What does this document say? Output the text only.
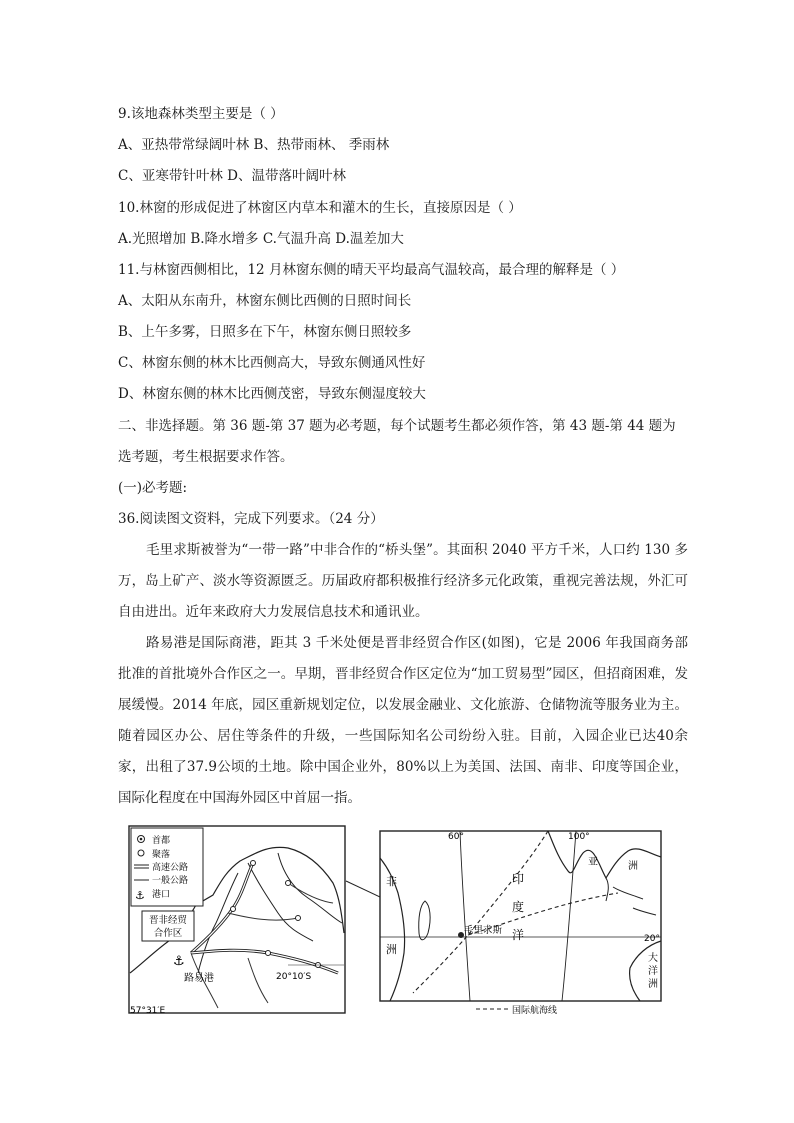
9.该地森林类型主要是（ ）
A、亚热带常绿阔叶林 B、热带雨林、 季雨林
C、亚寒带针叶林 D、温带落叶阔叶林
10.林窗的形成促进了林窗区内草本和灌木的生长，直接原因是（ ）
A.光照增加 B.降水增多 C.气温升高 D.温差加大
11.与林窗西侧相比，12 月林窗东侧的晴天平均最高气温较高，最合理的解释是（ ）
A、太阳从东南升，林窗东侧比西侧的日照时间长
B、上午多雾，日照多在下午，林窗东侧日照较多
C、林窗东侧的林木比西侧高大，导致东侧通风性好
D、林窗东侧的林木比西侧茂密，导致东侧湿度较大
二、非选择题。第 36 题-第 37 题为必考题，每个试题考生都必须作答，第 43 题-第 44 题为
选考题，考生根据要求作答。
(一)必考题:
36.阅读图文资料，完成下列要求。（24 分）
毛里求斯被誉为“一带一路”中非合作的“桥头堡”。其面积 2040 平方千米，人口约 130 多万，岛上矿产、淡水等资源匮乏。历届政府都积极推行经济多元化政策，重视完善法规，外汇可自由进出。近年来政府大力发展信息技术和通讯业。
路易港是国际商港，距其 3 千米处便是晋非经贸合作区(如图)，它是 2006 年我国商务部批准的首批境外合作区之一。早期，晋非经贸合作区定位为“加工贸易型”园区，但招商困难，发展缓慢。2014 年底，园区重新规划定位，以发展金融业、文化旅游、仓储物流等服务业为主。随着园区办公、居住等条件的升级，一些国际知名公司纷纷入驻。目前，入园企业已达40余家，出租了37.9公顷的土地。除中国企业外，80%以上为美国、法国、南非、印度等国企业，国际化程度在中国海外园区中首屈一指。
首都
聚落
高速公路
一般公路
⚓ 港口
晋非经贸
合作区
⚓
路易港	20°10′S
57°31′E
60°	100°
非
洲
印
度
洋
毛里求斯
亚	洲
20°
大
洋
洲
国际航海线
